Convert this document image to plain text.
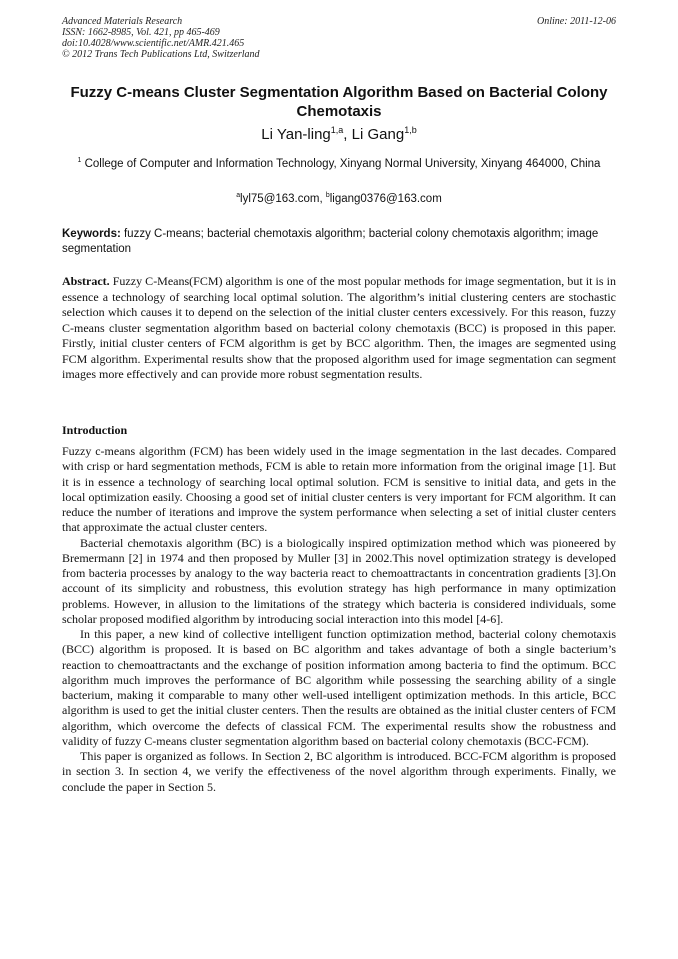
Advanced Materials Research
ISSN: 1662-8985, Vol. 421, pp 465-469
doi:10.4028/www.scientific.net/AMR.421.465
© 2012 Trans Tech Publications Ltd, Switzerland
Online: 2011-12-06
Fuzzy C-means Cluster Segmentation Algorithm Based on Bacterial Colony Chemotaxis
Li Yan-ling$^{1,a}$, Li Gang$^{1,b}$
$^1$ College of Computer and Information Technology, Xinyang Normal University, Xinyang 464000, China
$^a$lyl75@163.com, $^b$ligang0376@163.com
Keywords: fuzzy C-means; bacterial chemotaxis algorithm; bacterial colony chemotaxis algorithm; image segmentation
Abstract. Fuzzy C-Means(FCM) algorithm is one of the most popular methods for image segmentation, but it is in essence a technology of searching local optimal solution. The algorithm’s initial clustering centers are stochastic selection which causes it to depend on the selection of the initial cluster centers excessively. For this reason, fuzzy C-means cluster segmentation algorithm based on bacterial colony chemotaxis (BCC) is proposed in this paper. Firstly, initial cluster centers of FCM algorithm is get by BCC algorithm. Then, the images are segmented using FCM algorithm. Experimental results show that the proposed algorithm used for image segmentation can segment images more effectively and can provide more robust segmentation results.
Introduction

Fuzzy c-means algorithm (FCM) has been widely used in the image segmentation in the last decades. Compared with crisp or hard segmentation methods, FCM is able to retain more information from the original image [1]. But it is in essence a technology of searching local optimal solution. FCM is sensitive to initial data, and gets in the local optimization easily. Choosing a good set of initial cluster centers is very important for FCM algorithm. It can reduce the number of iterations and improve the system performance when selecting a set of initial cluster centers that approximate the actual cluster centers.

Bacterial chemotaxis algorithm (BC) is a biologically inspired optimization method which was pioneered by Bremermann [2] in 1974 and then proposed by Muller [3] in 2002.This novel optimization strategy is developed from bacteria processes by analogy to the way bacteria react to chemoattractants in concentration gradients [3].On account of its simplicity and robustness, this evolution strategy has high performance in many optimization problems. However, in allusion to the limitations of the strategy which bacteria is considered individuals, some scholar proposed modified algorithm by introducing social interaction into this model [4-6].

In this paper, a new kind of collective intelligent function optimization method, bacterial colony chemotaxis (BCC) algorithm is proposed. It is based on BC algorithm and takes advantage of both a single bacterium’s reaction to chemoattractants and the exchange of position information among bacteria to find the optimum. BCC algorithm much improves the performance of BC algorithm while possessing the searching ability of a single bacterium, making it comparable to many other well-used intelligent optimization methods. In this article, BCC algorithm is used to get the initial cluster centers. Then the results are obtained as the initial cluster centers of FCM algorithm, which overcome the defects of classical FCM. The experimental results show the robustness and validity of fuzzy C-means cluster segmentation algorithm based on bacterial colony chemotaxis (BCC-FCM).

This paper is organized as follows. In Section 2, BC algorithm is introduced. BCC-FCM algorithm is proposed in section 3. In section 4, we verify the effectiveness of the novel algorithm through experiments. Finally, we conclude the paper in Section 5.
